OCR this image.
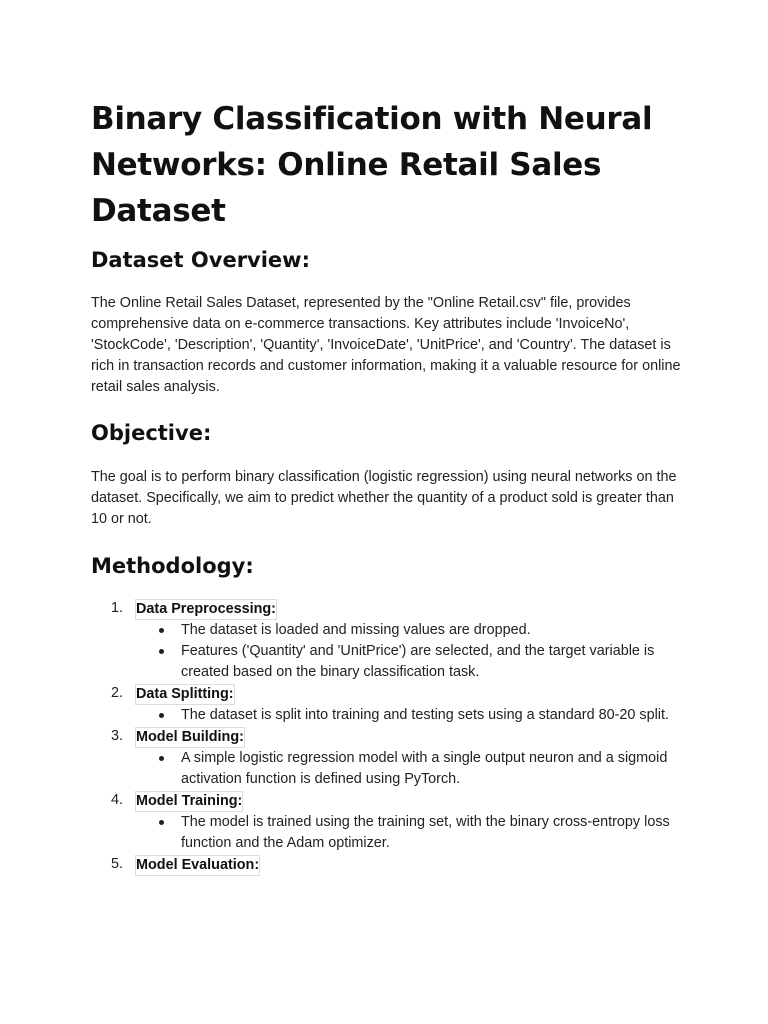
Binary Classification with Neural Networks: Online Retail Sales Dataset
Dataset Overview:

The Online Retail Sales Dataset, represented by the "Online Retail.csv" file, provides comprehensive data on e-commerce transactions. Key attributes include 'InvoiceNo', 'StockCode', 'Description', 'Quantity', 'InvoiceDate', 'UnitPrice', and 'Country'. The dataset is rich in transaction records and customer information, making it a valuable resource for online retail sales analysis.

Objective:

The goal is to perform binary classification (logistic regression) using neural networks on the dataset. Specifically, we aim to predict whether the quantity of a product sold is greater than 10 or not.

Methodology:
1. Data Preprocessing:
The dataset is loaded and missing values are dropped.
Features ('Quantity' and 'UnitPrice') are selected, and the target variable is created based on the binary classification task.
2. Data Splitting:
The dataset is split into training and testing sets using a standard 80-20 split.
3. Model Building:
A simple logistic regression model with a single output neuron and a sigmoid activation function is defined using PyTorch.
4. Model Training:
The model is trained using the training set, with the binary cross-entropy loss function and the Adam optimizer.
5. Model Evaluation:
